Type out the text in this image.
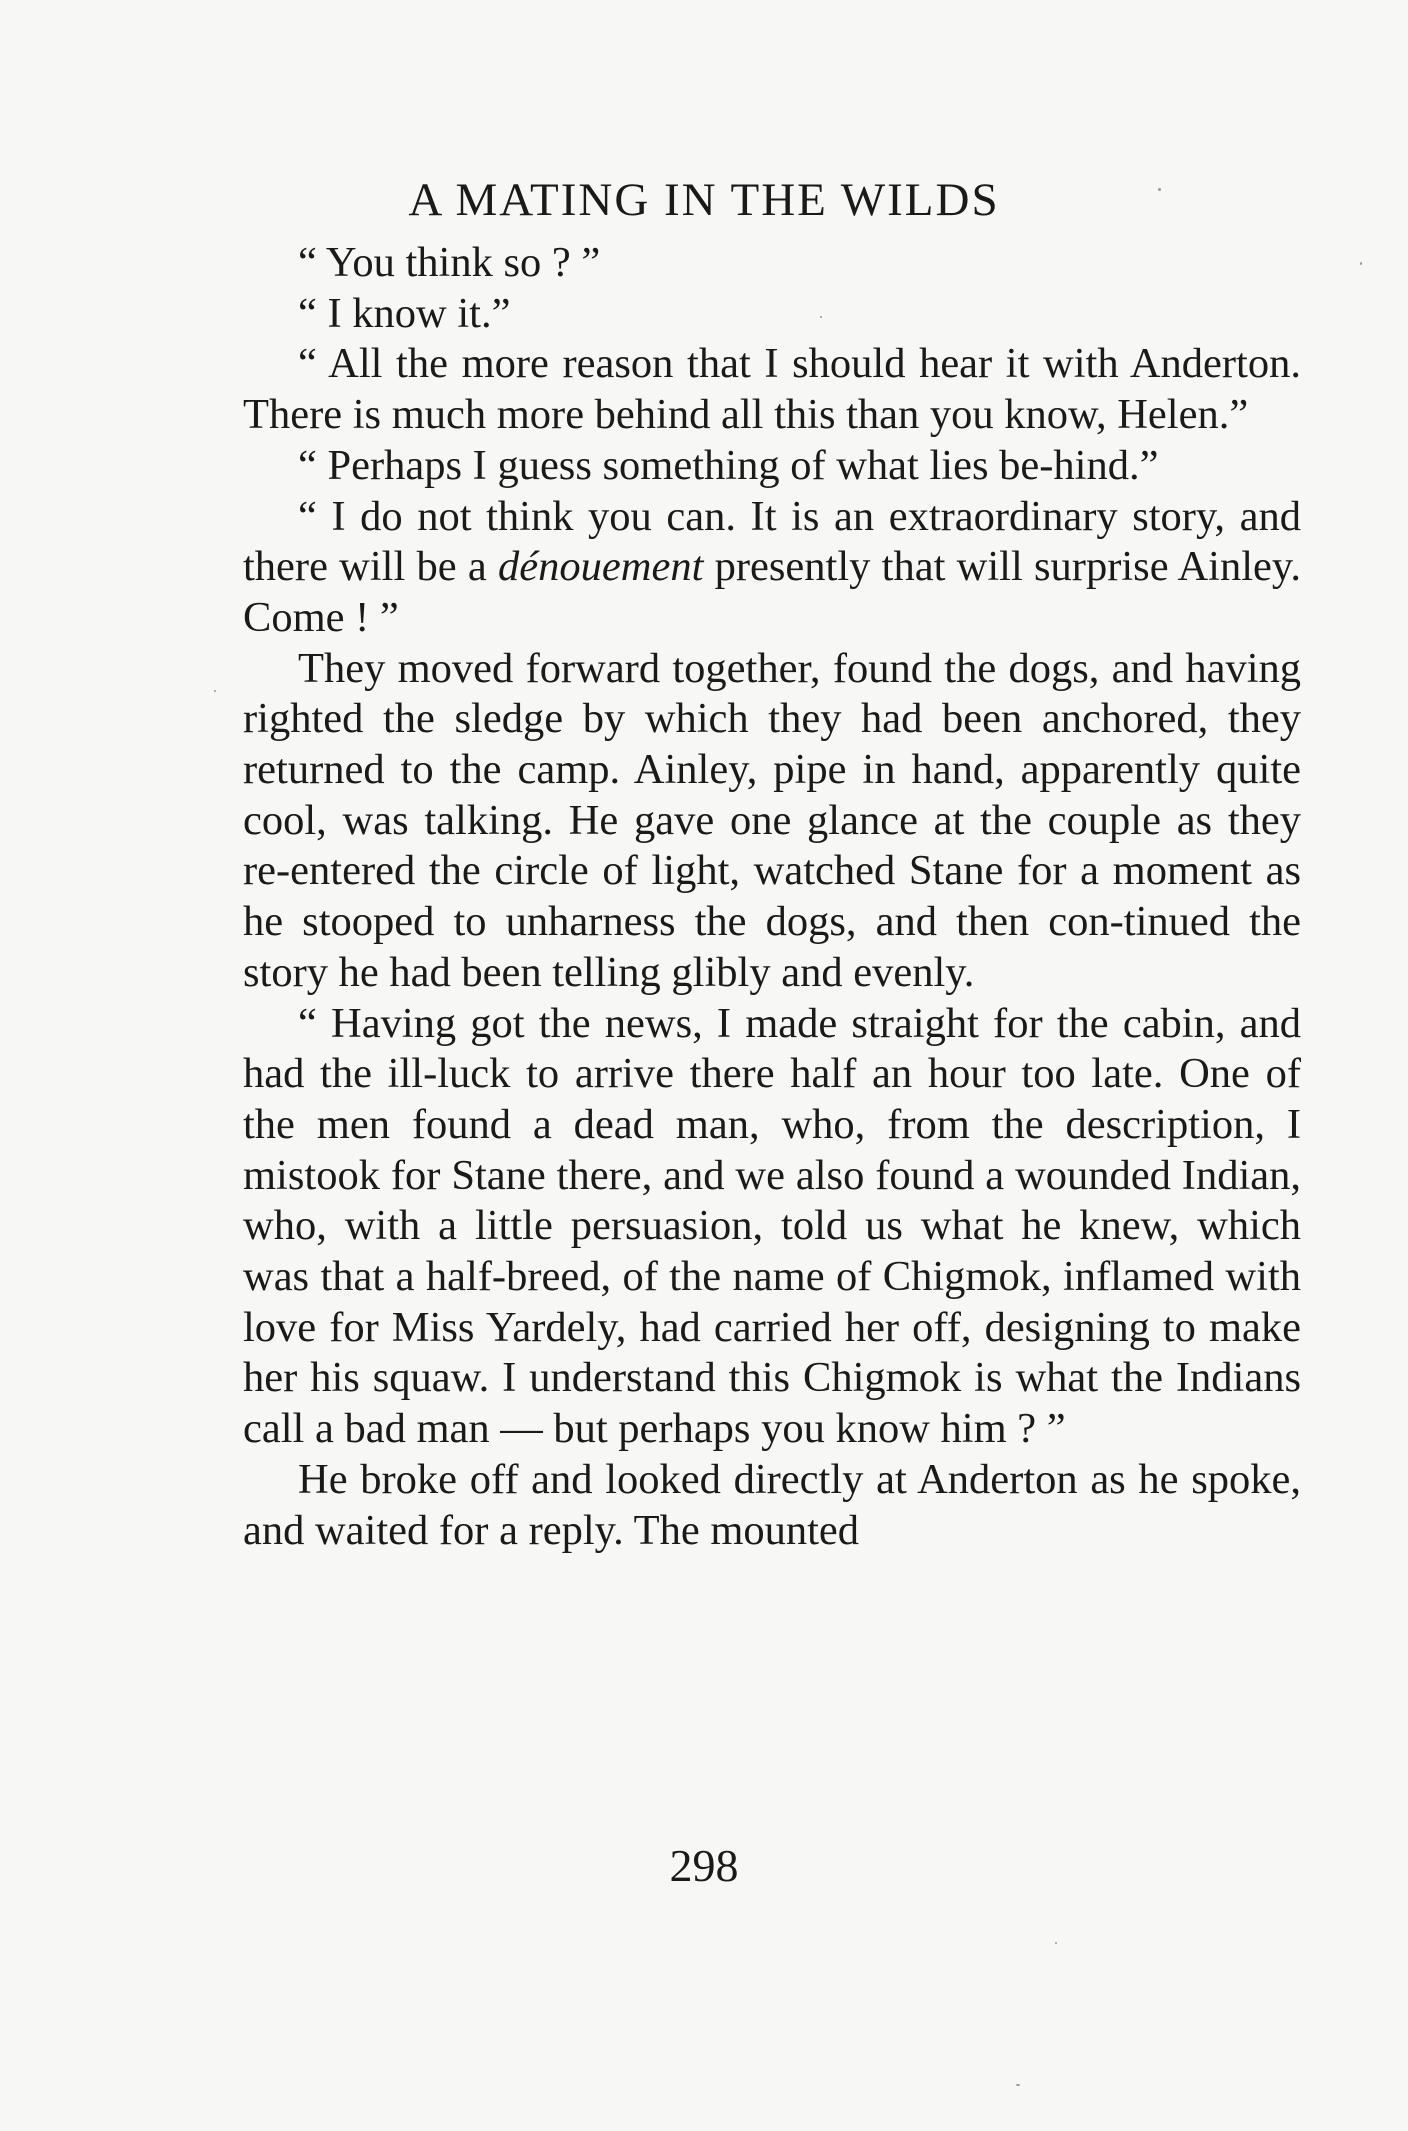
A MATING IN THE WILDS

“ You think so ? ”

“ I know it.”

“ All the more reason that I should hear it with Anderton. There is much more behind all this than you know, Helen.”

“ Perhaps I guess something of what lies be-hind.”

“ I do not think you can. It is an extraordinary story, and there will be a dénouement presently that will surprise Ainley. Come ! ”

They moved forward together, found the dogs, and having righted the sledge by which they had been anchored, they returned to the camp. Ainley, pipe in hand, apparently quite cool, was talking. He gave one glance at the couple as they re-entered the circle of light, watched Stane for a moment as he stooped to unharness the dogs, and then con-tinued the story he had been telling glibly and evenly.

“ Having got the news, I made straight for the cabin, and had the ill-luck to arrive there half an hour too late. One of the men found a dead man, who, from the description, I mistook for Stane there, and we also found a wounded Indian, who, with a little persuasion, told us what he knew, which was that a half-breed, of the name of Chigmok, inflamed with love for Miss Yardely, had carried her off, designing to make her his squaw. I understand this Chigmok is what the Indians call a bad man — but perhaps you know him ? ”

He broke off and looked directly at Anderton as he spoke, and waited for a reply. The mounted

298
